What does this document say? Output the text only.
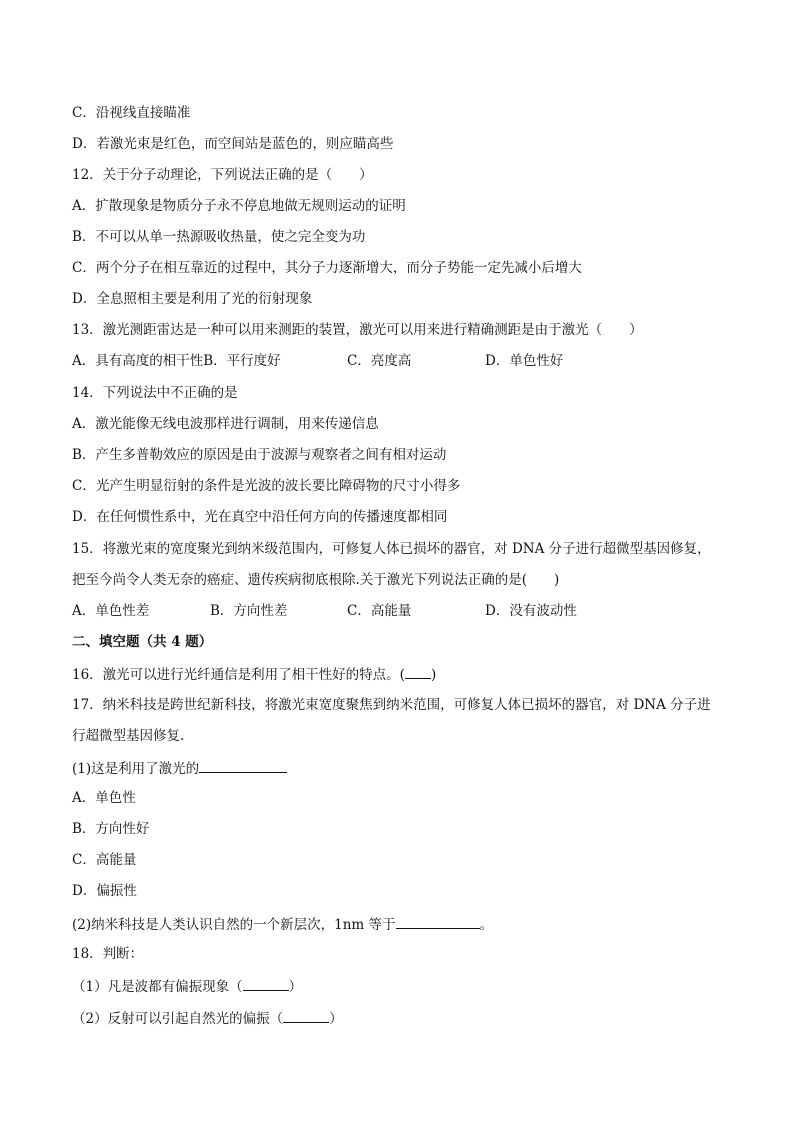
C．沿视线直接瞄准
D．若激光束是红色，而空间站是蓝色的，则应瞄高些
12．关于分子动理论，下列说法正确的是（　　）
A．扩散现象是物质分子永不停息地做无规则运动的证明
B．不可以从单一热源吸收热量，使之完全变为功
C．两个分子在相互靠近的过程中，其分子力逐渐增大，而分子势能一定先减小后增大
D．全息照相主要是利用了光的衍射现象
13．激光测距雷达是一种可以用来测距的装置，激光可以用来进行精确测距是由于激光（　　）
A．具有高度的相干性B．平行度好	C．亮度高	D．单色性好
14．下列说法中不正确的是
A．激光能像无线电波那样进行调制，用来传递信息
B．产生多普勒效应的原因是由于波源与观察者之间有相对运动
C．光产生明显衍射的条件是光波的波长要比障碍物的尺寸小得多
D．在任何惯性系中，光在真空中沿任何方向的传播速度都相同
15．将激光束的宽度聚光到纳米级范围内，可修复人体已损坏的器官，对 DNA 分子进行超微型基因修复，
把至今尚令人类无奈的癌症、遗传疾病彻底根除.关于激光下列说法正确的是(　　)
A．单色性差	B．方向性差	C．高能量	D．没有波动性
二、填空题（共 4 题）
16．激光可以进行光纤通信是利用了相干性好的特点。( )
17．纳米科技是跨世纪新科技，将激光束宽度聚焦到纳米范围，可修复人体已损坏的器官，对 DNA 分子进
行超微型基因修复.
(1)这是利用了激光的
A．单色性
B．方向性好
C．高能量
D．偏振性
(2)纳米科技是人类认识自然的一个新层次，1nm 等于	。
18．判断：
（1）凡是波都有偏振现象（	）
（2）反射可以引起自然光的偏振（	）
